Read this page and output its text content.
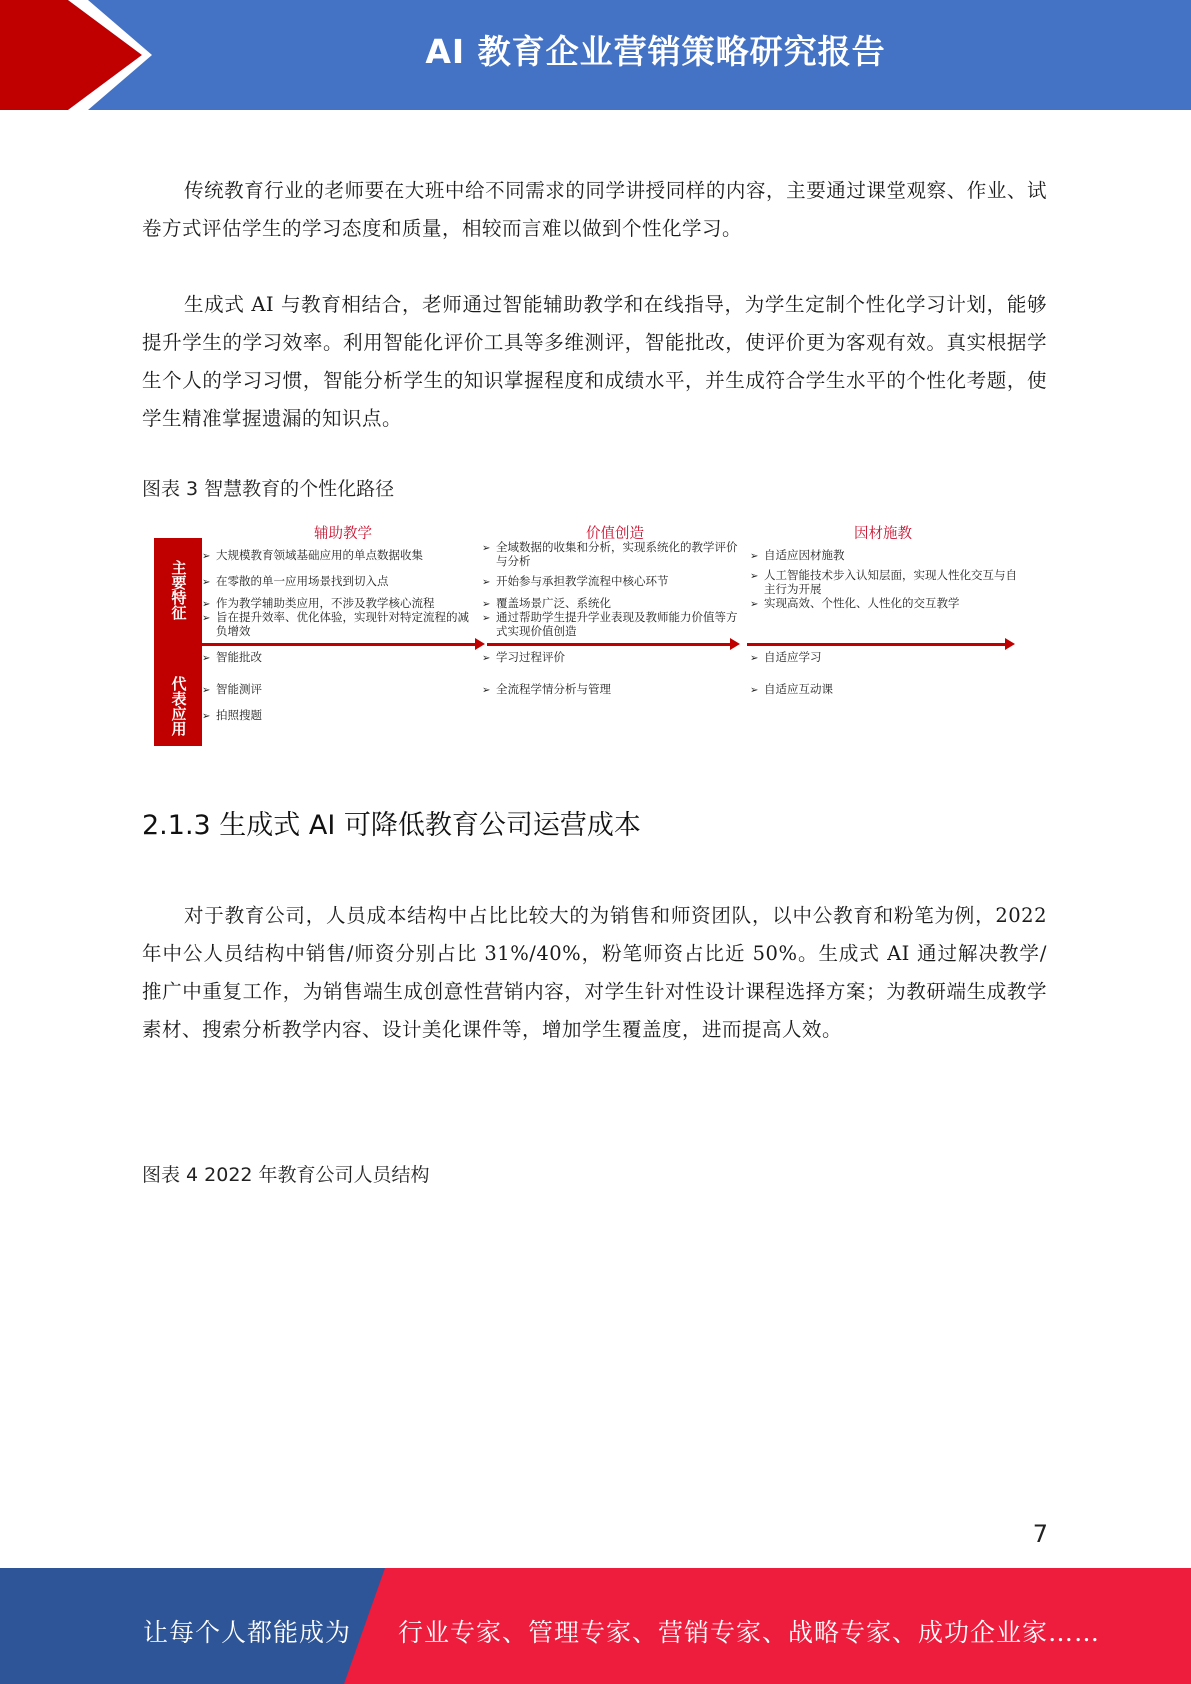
AI 教育企业营销策略研究报告
传统教育行业的老师要在大班中给不同需求的同学讲授同样的内容，主要通过课堂观察、作业、试卷方式评估学生的学习态度和质量，相较而言难以做到个性化学习。
生成式 AI 与教育相结合，老师通过智能辅助教学和在线指导，为学生定制个性化学习计划，能够提升学生的学习效率。利用智能化评价工具等多维测评，智能批改，使评价更为客观有效。真实根据学生个人的学习习惯，智能分析学生的知识掌握程度和成绩水平，并生成符合学生水平的个性化考题，使学生精准掌握遗漏的知识点。
图表 3 智慧教育的个性化路径
主要特征
代表应用
辅助教学	价值创造	因材施教
➢ 大规模教育领域基础应用的单点数据收集
➢ 在零散的单一应用场景找到切入点
➢ 作为教学辅助类应用，不涉及教学核心流程
➢ 旨在提升效率、优化体验，实现针对特定流程的减负增效
➢ 全域数据的收集和分析，实现系统化的教学评价与分析
➢ 开始参与承担教学流程中核心环节
➢ 覆盖场景广泛、系统化
➢ 通过帮助学生提升学业表现及教师能力价值等方式实现价值创造
➢ 自适应因材施教
➢ 人工智能技术步入认知层面，实现人性化交互与自主行为开展
➢ 实现高效、个性化、人性化的交互教学
➢ 智能批改
➢ 智能测评
➢ 拍照搜题
➢ 学习过程评价
➢ 全流程学情分析与管理
➢ 自适应学习
➢ 自适应互动课
2.1.3 生成式 AI 可降低教育公司运营成本
对于教育公司，人员成本结构中占比比较大的为销售和师资团队，以中公教育和粉笔为例，2022 年中公人员结构中销售/师资分别占比 31%/40%，粉笔师资占比近 50%。生成式 AI 通过解决教学/推广中重复工作，为销售端生成创意性营销内容，对学生针对性设计课程选择方案；为教研端生成教学素材、搜索分析教学内容、设计美化课件等，增加学生覆盖度，进而提高人效。
图表 4 2022 年教育公司人员结构
7
让每个人都能成为 行业专家、管理专家、营销专家、战略专家、成功企业家……
